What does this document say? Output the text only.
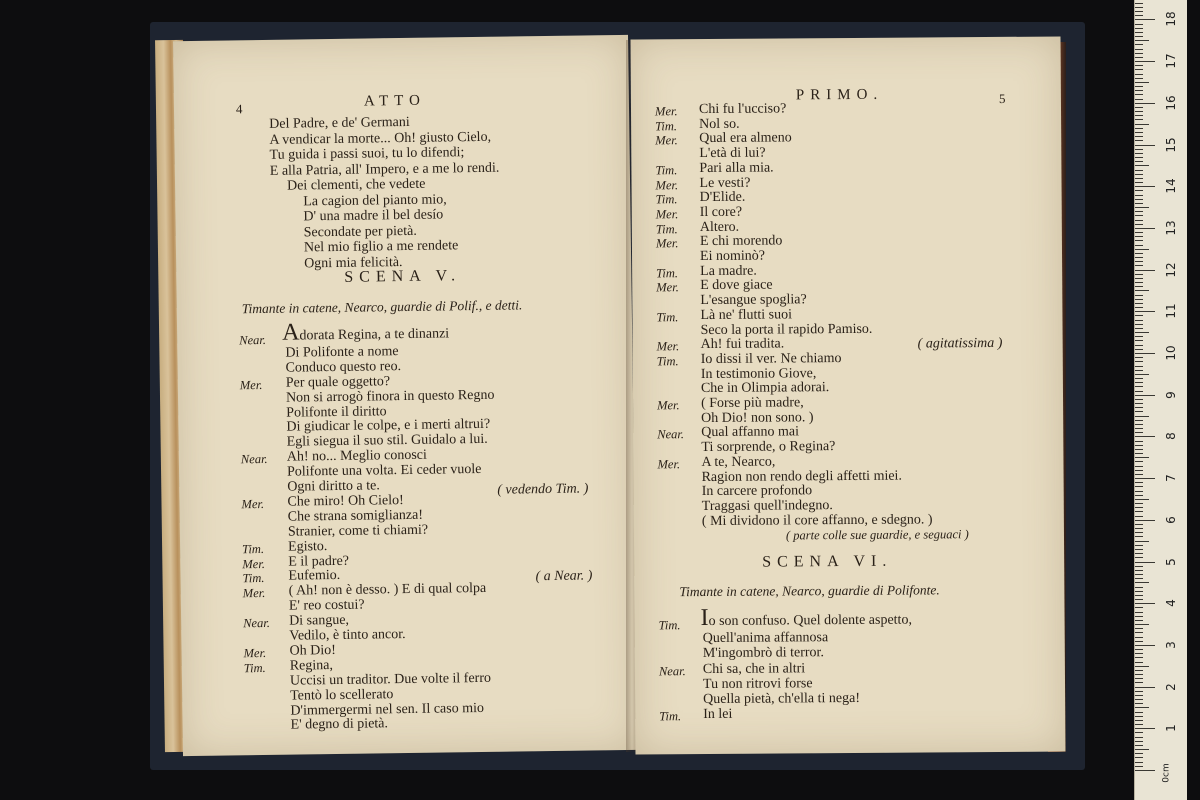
4	ATTO
Del Padre, e de' Germani
A vendicar la morte... Oh! giusto Cielo,
Tu guida i passi suoi, tu lo difendi;
E alla Patria, all' Impero, e a me lo rendi.
Dei clementi, che vedete
La cagion del pianto mio,
D' una madre il bel desío
Secondate per pietà.
Nel mio figlio a me rendete
Ogni mia felicità.
SCENA V.
Timante in catene, Nearco, guardie di Polif., e detti.
Near. Adorata Regina, a te dinanzi
Di Polifonte a nome
Conduco questo reo.
Mer. Per quale oggetto?
Non si arrogò finora in questo Regno
Polifonte il diritto
Di giudicar le colpe, e i merti altrui?
Egli siegua il suo stil. Guidalo a lui.
Near. Ah! no... Meglio conosci
Polifonte una volta. Ei ceder vuole
Ogni diritto a te.
Mer. Che miro! Oh Cielo!
Che strana somiglianza!
Stranier, come ti chiami?
Tim. Egisto.
Mer. E il padre?
Tim. Eufemio.
Mer. ( Ah! non è desso. ) E di qual colpa
E' reo costui?
Near. Di sangue,
Vedilo, è tinto ancor.
Mer. Oh Dio!
Tim. Regina,
Uccisi un traditor. Due volte il ferro
Tentò lo scellerato
D'immergermi nel sen. Il caso mio
E' degno di pietà.
( vedendo Tim. )
( a Near. )
PRIMO.	5
Mer. Chi fu l'ucciso?
Tim. Nol so.
Mer. Qual era almeno
L'età di lui?
Tim. Pari alla mia.
Mer. Le vesti?
Tim. D'Elide.
Mer. Il core?
Tim. Altero.
Mer. E chi morendo
Ei nominò?
Tim. La madre.
Mer. E dove giace
L'esangue spoglia?
Tim. Là ne' flutti suoi
Seco la porta il rapido Pamiso.
Mer. Ah! fui tradita.
Tim. Io dissi il ver. Ne chiamo
In testimonio Giove,
Che in Olimpia adorai.
Mer. ( Forse più madre,
Oh Dio! non sono. )
Near. Qual affanno mai
Ti sorprende, o Regina?
Mer. A te, Nearco,
Ragion non rendo degli affetti miei.
In carcere profondo
Traggasi quell'indegno.
( Mi dividono il core affanno, e sdegno. )
( agitatissima )
( parte colle sue guardie, e seguaci )
SCENA VI.
Timante in catene, Nearco, guardie di Polifonte.
Tim. Io son confuso. Quel dolente aspetto,
Quell'anima affannosa
M'ingombrò di terror.
Near. Chi sa, che in altri
Tu non ritrovi forse
Quella pietà, ch'ella ti nega!
Tim. In lei
1
2
3
4
5
6
7
8
9
10
11
12
13
14
15
16
17
18
0cm
